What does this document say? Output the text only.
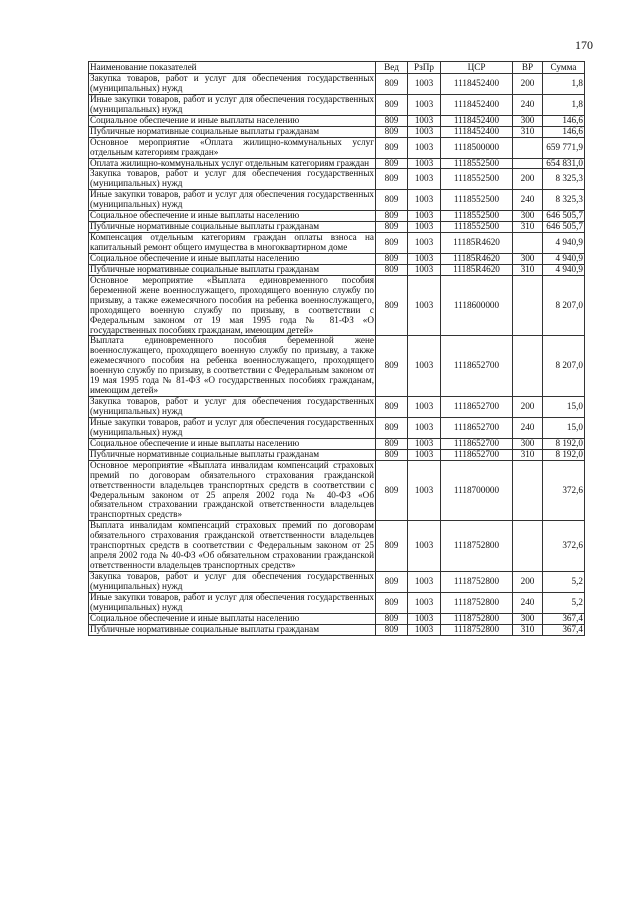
170
Наименование показателей	Вед	РзПр	ЦСР	ВР	Сумма
Закупка товаров, работ и услуг для обеспечения государственных (муниципальных) нужд	809	1003	1118452400	200	1,8
Иные закупки товаров, работ и услуг для обеспечения государственных (муниципальных) нужд	809	1003	1118452400	240	1,8
Социальное обеспечение и иные выплаты населению	809	1003	1118452400	300	146,6
Публичные нормативные социальные выплаты гражданам	809	1003	1118452400	310	146,6
Основное мероприятие «Оплата жилищно-коммунальных услуг отдельным категориям граждан»	809	1003	1118500000		659 771,9
Оплата жилищно-коммунальных услуг отдельным категориям граждан	809	1003	1118552500		654 831,0
Закупка товаров, работ и услуг для обеспечения государственных (муниципальных) нужд	809	1003	1118552500	200	8 325,3
Иные закупки товаров, работ и услуг для обеспечения государственных (муниципальных) нужд	809	1003	1118552500	240	8 325,3
Социальное обеспечение и иные выплаты населению	809	1003	1118552500	300	646 505,7
Публичные нормативные социальные выплаты гражданам	809	1003	1118552500	310	646 505,7
Компенсация отдельным категориям граждан оплаты взноса на капитальный ремонт общего имущества в многоквартирном доме	809	1003	11185R4620		4 940,9
Социальное обеспечение и иные выплаты населению	809	1003	11185R4620	300	4 940,9
Публичные нормативные социальные выплаты гражданам	809	1003	11185R4620	310	4 940,9
Основное мероприятие «Выплата единовременного пособия беременной жене военнослужащего, проходящего военную службу по призыву, а также ежемесячного пособия на ребенка военнослужащего, проходящего военную службу по призыву, в соответствии с Федеральным законом от 19 мая 1995 года № 81-ФЗ «О государственных пособиях гражданам, имеющим детей»	809	1003	1118600000		8 207,0
Выплата единовременного пособия беременной жене военнослужащего, проходящего военную службу по призыву, а также ежемесячного пособия на ребенка военнослужащего, проходящего военную службу по призыву, в соответствии с Федеральным законом от 19 мая 1995 года № 81-ФЗ «О государственных пособиях гражданам, имеющим детей»	809	1003	1118652700		8 207,0
Закупка товаров, работ и услуг для обеспечения государственных (муниципальных) нужд	809	1003	1118652700	200	15,0
Иные закупки товаров, работ и услуг для обеспечения государственных (муниципальных) нужд	809	1003	1118652700	240	15,0
Социальное обеспечение и иные выплаты населению	809	1003	1118652700	300	8 192,0
Публичные нормативные социальные выплаты гражданам	809	1003	1118652700	310	8 192,0
Основное мероприятие «Выплата инвалидам компенсаций страховых премий по договорам обязательного страхования гражданской ответственности владельцев транспортных средств в соответствии с Федеральным законом от 25 апреля 2002 года № 40-ФЗ «Об обязательном страховании гражданской ответственности владельцев транспортных средств»	809	1003	1118700000		372,6
Выплата инвалидам компенсаций страховых премий по договорам обязательного страхования гражданской ответственности владельцев транспортных средств в соответствии с Федеральным законом от 25 апреля 2002 года № 40-ФЗ «Об обязательном страховании гражданской ответственности владельцев транспортных средств»	809	1003	1118752800		372,6
Закупка товаров, работ и услуг для обеспечения государственных (муниципальных) нужд	809	1003	1118752800	200	5,2
Иные закупки товаров, работ и услуг для обеспечения государственных (муниципальных) нужд	809	1003	1118752800	240	5,2
Социальное обеспечение и иные выплаты населению	809	1003	1118752800	300	367,4
Публичные нормативные социальные выплаты гражданам	809	1003	1118752800	310	367,4
